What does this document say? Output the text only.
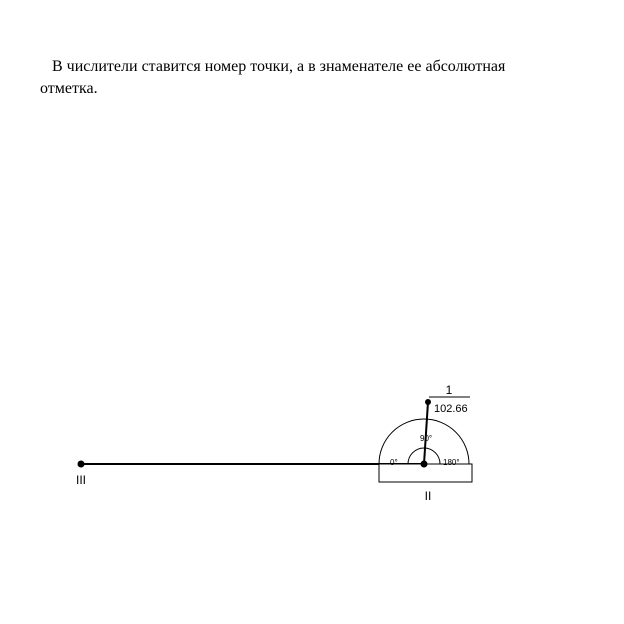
В числители ставится номер точки, а в знаменателе ее абсолютная
отметка.
III
90°
0°	180°
1
102.66
II
